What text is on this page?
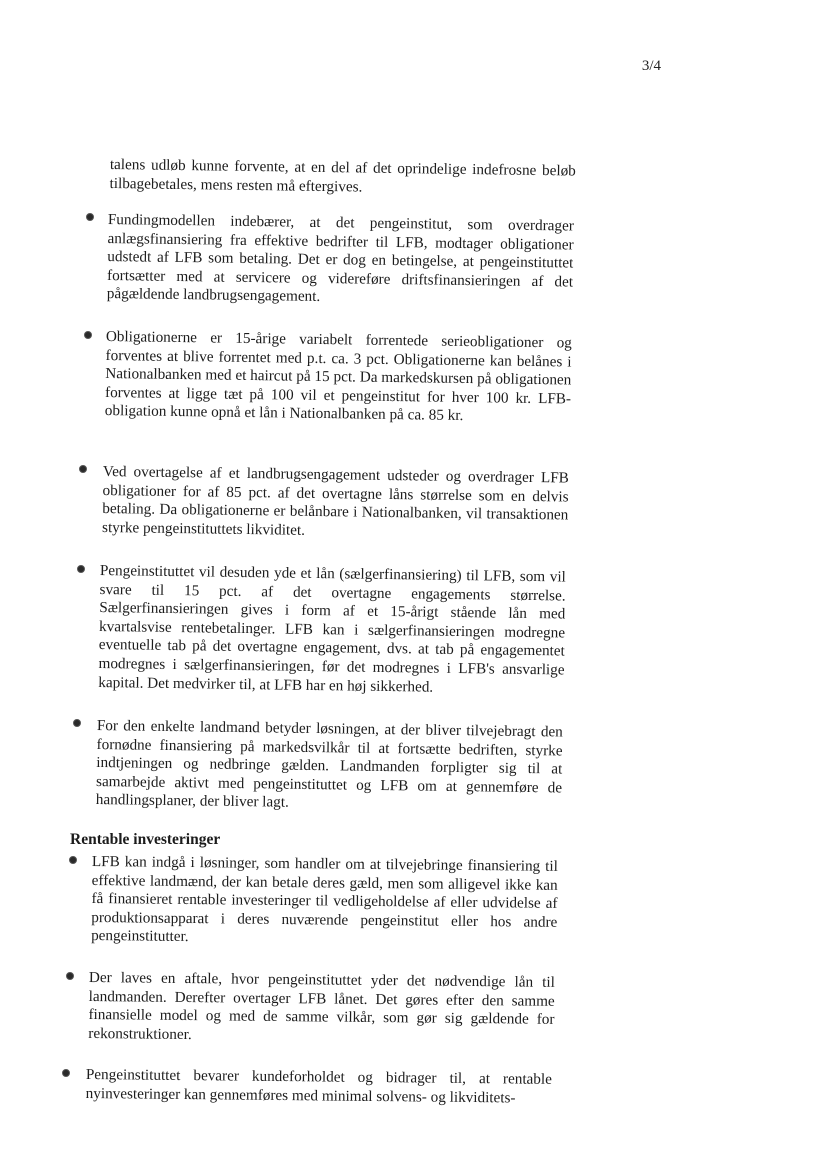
3/4

talens udløb kunne forvente, at en del af det oprindelige indefrosne beløb tilbagebetales, mens resten må eftergives.

Fundingmodellen indebærer, at det pengeinstitut, som overdrager anlægsfinansiering fra effektive bedrifter til LFB, modtager obligationer udstedt af LFB som betaling. Det er dog en betingelse, at pengeinstituttet fortsætter med at servicere og videreføre driftsfinansieringen af det pågældende landbrugsengagement.

Obligationerne er 15-årige variabelt forrentede serieobligationer og forventes at blive forrentet med p.t. ca. 3 pct. Obligationerne kan belånes i Nationalbanken med et haircut på 15 pct. Da markedskursen på obligationen forventes at ligge tæt på 100 vil et pengeinstitut for hver 100 kr. LFB-obligation kunne opnå et lån i Nationalbanken på ca. 85 kr.

Ved overtagelse af et landbrugsengagement udsteder og overdrager LFB obligationer for af 85 pct. af det overtagne låns størrelse som en delvis betaling. Da obligationerne er belånbare i Nationalbanken, vil transaktionen styrke pengeinstituttets likviditet.

Pengeinstituttet vil desuden yde et lån (sælgerfinansiering) til LFB, som vil svare til 15 pct. af det overtagne engagements størrelse. Sælgerfinansieringen gives i form af et 15-årigt stående lån med kvartalsvise rentebetalinger. LFB kan i sælgerfinansieringen modregne eventuelle tab på det overtagne engagement, dvs. at tab på engagementet modregnes i sælgerfinansieringen, før det modregnes i LFB's ansvarlige kapital. Det medvirker til, at LFB har en høj sikkerhed.

For den enkelte landmand betyder løsningen, at der bliver tilvejebragt den fornødne finansiering på markedsvilkår til at fortsætte bedriften, styrke indtjeningen og nedbringe gælden. Landmanden forpligter sig til at samarbejde aktivt med pengeinstituttet og LFB om at gennemføre de handlingsplaner, der bliver lagt.

Rentable investeringer

LFB kan indgå i løsninger, som handler om at tilvejebringe finansiering til effektive landmænd, der kan betale deres gæld, men som alligevel ikke kan få finansieret rentable investeringer til vedligeholdelse af eller udvidelse af produktionsapparat i deres nuværende pengeinstitut eller hos andre pengeinstitutter.

Der laves en aftale, hvor pengeinstituttet yder det nødvendige lån til landmanden. Derefter overtager LFB lånet. Det gøres efter den samme finansielle model og med de samme vilkår, som gør sig gældende for rekonstruktioner.

Pengeinstituttet bevarer kundeforholdet og bidrager til, at rentable nyinvesteringer kan gennemføres med minimal solvens- og likviditets-
